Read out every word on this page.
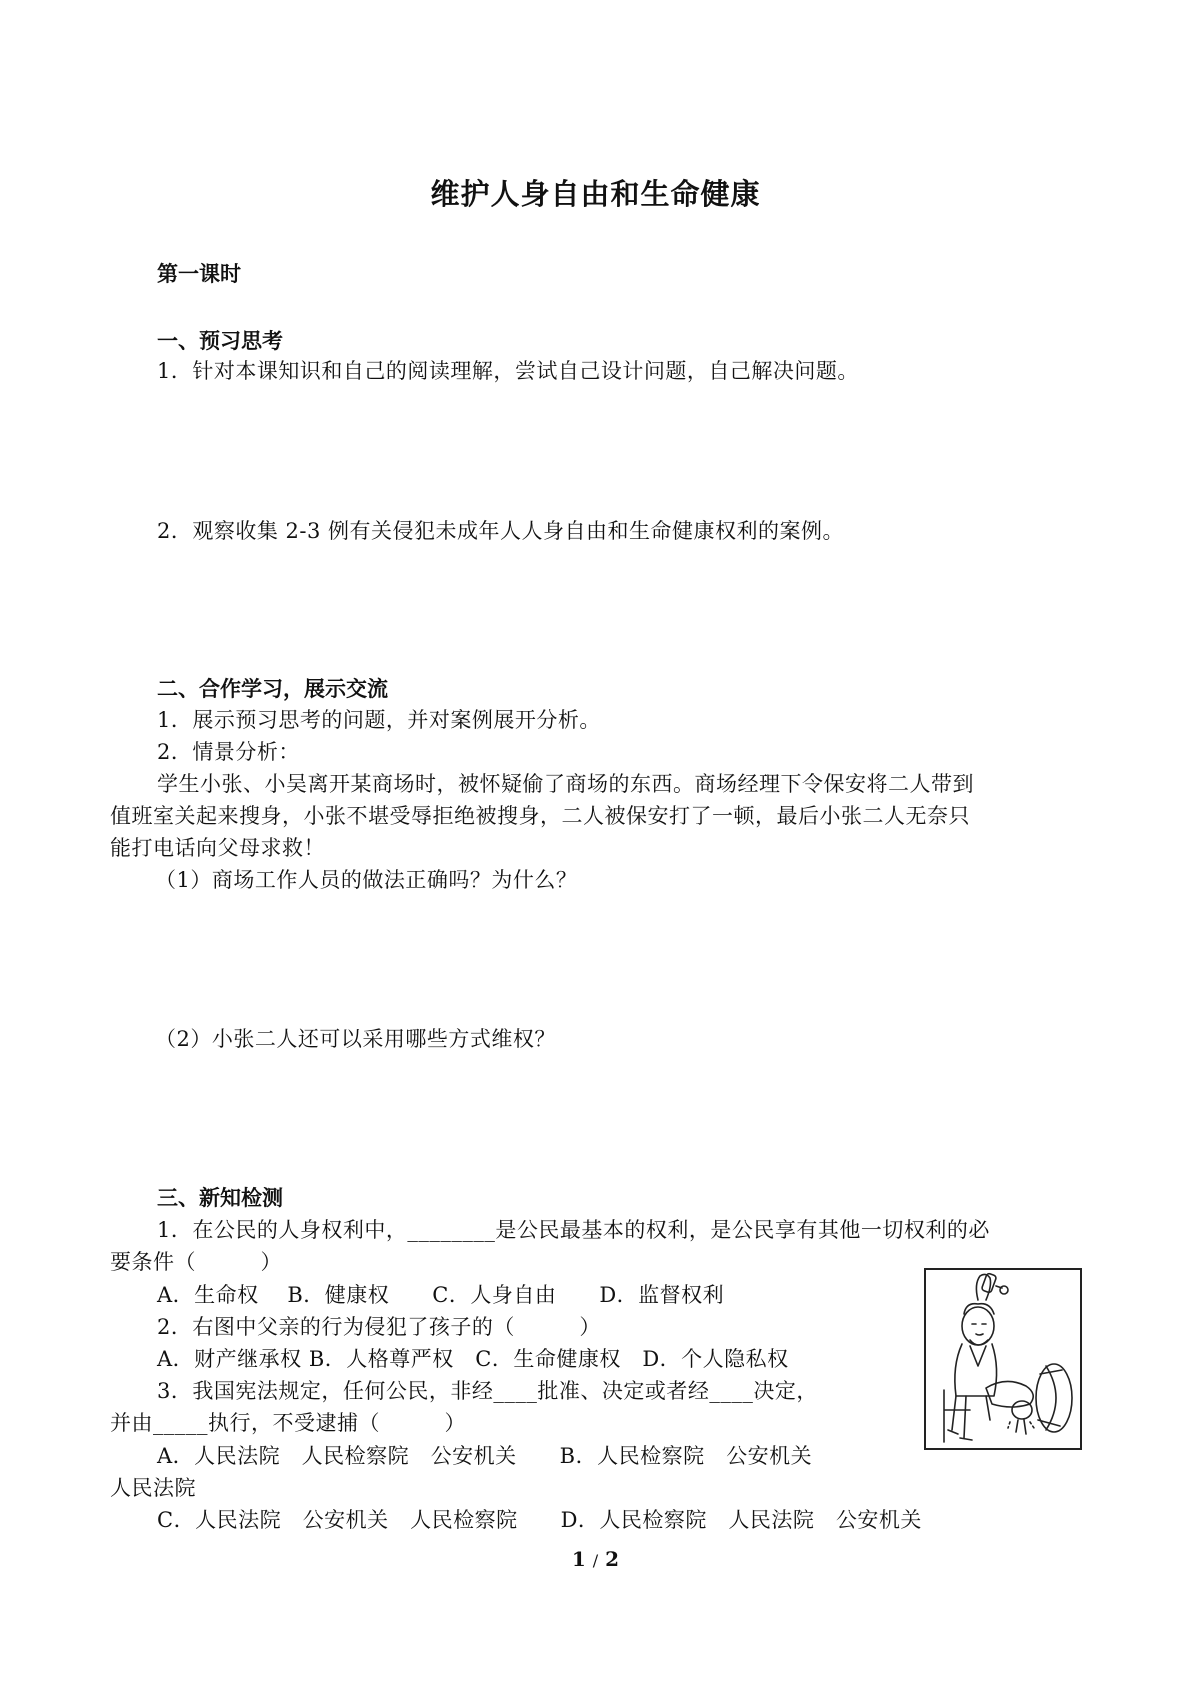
维护人身自由和生命健康
第一课时
一、预习思考
1．针对本课知识和自己的阅读理解，尝试自己设计问题，自己解决问题。
2．观察收集 2-3 例有关侵犯未成年人人身自由和生命健康权利的案例。
二、合作学习，展示交流
1．展示预习思考的问题，并对案例展开分析。
2．情景分析：
学生小张、小吴离开某商场时，被怀疑偷了商场的东西。商场经理下令保安将二人带到
值班室关起来搜身，小张不堪受辱拒绝被搜身，二人被保安打了一顿，最后小张二人无奈只
能打电话向父母求救！
（1）商场工作人员的做法正确吗？为什么？
（2）小张二人还可以采用哪些方式维权？
三、新知检测
1．在公民的人身权利中，________是公民最基本的权利，是公民享有其他一切权利的必
要条件（　　　）
A．生命权　 B．健康权　　C．人身自由　　D．监督权利
2．右图中父亲的行为侵犯了孩子的（　　　）
A．财产继承权 B．人格尊严权　C．生命健康权　D．个人隐私权
3．我国宪法规定，任何公民，非经____批准、决定或者经____决定，
并由_____执行，不受逮捕（　　　）
A．人民法院　人民检察院　公安机关　　B．人民检察院　公安机关
人民法院
C．人民法院　公安机关　人民检察院　　D．人民检察院　人民法院　公安机关
1 / 2
